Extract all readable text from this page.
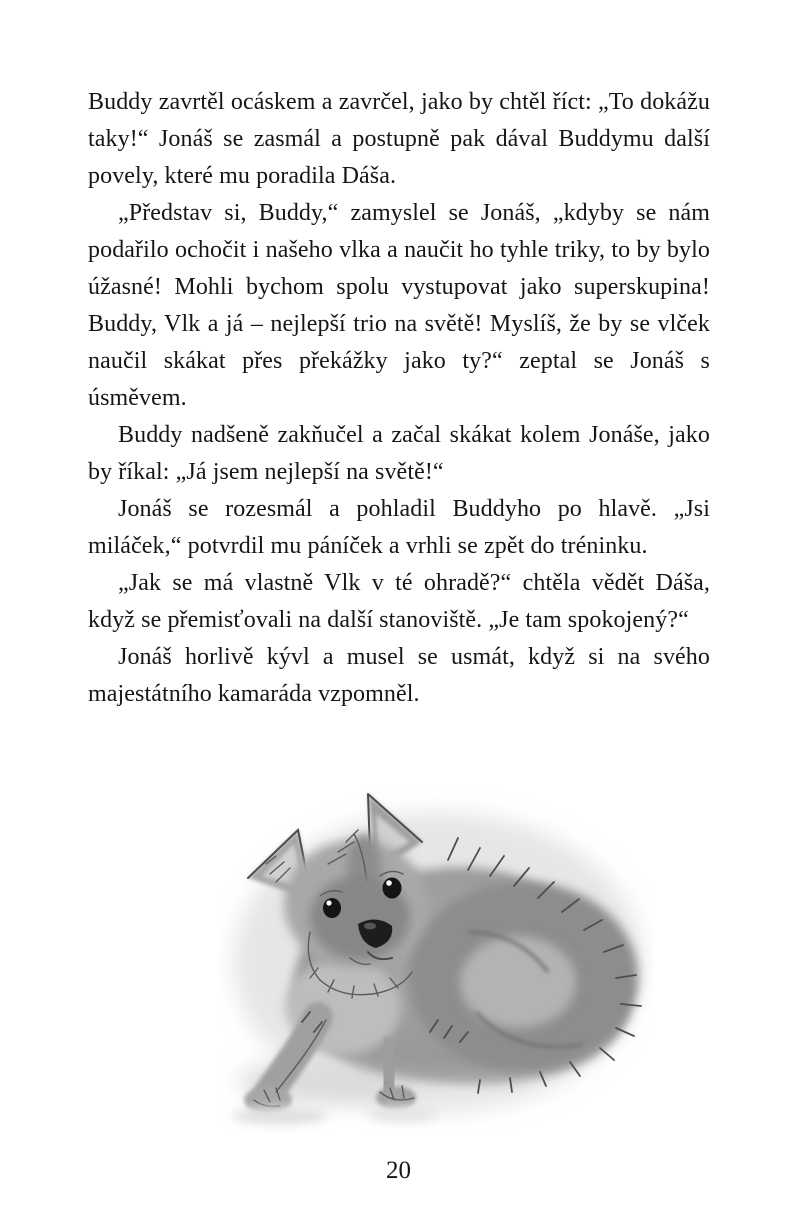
Buddy zavrtěl ocáskem a zavrčel, jako by chtěl říct: „To dokážu taky!“ Jonáš se zasmál a postupně pak dával Buddymu další povely, které mu poradila Dáša.

„Představ si, Buddy,“ zamyslel se Jonáš, „kdyby se nám podařilo ochočit i našeho vlka a naučit ho tyhle triky, to by bylo úžasné! Mohli bychom spolu vystupovat jako superskupina! Buddy, Vlk a já – nejlepší trio na světě! Myslíš, že by se vlček naučil skákat přes překážky jako ty?“ zeptal se Jonáš s úsměvem.

Buddy nadšeně zakňučel a začal skákat kolem Jonáše, jako by říkal: „Já jsem nejlepší na světě!“

Jonáš se rozesmál a pohladil Buddyho po hlavě. „Jsi miláček,“ potvrdil mu páníček a vrhli se zpět do tréninku.

„Jak se má vlastně Vlk v té ohradě?“ chtěla vědět Dáša, když se přemisťovali na další stanoviště. „Je tam spokojený?“

Jonáš horlivě kývl a musel se usmát, když si na svého majestátního kamaráda vzpomněl.

20
